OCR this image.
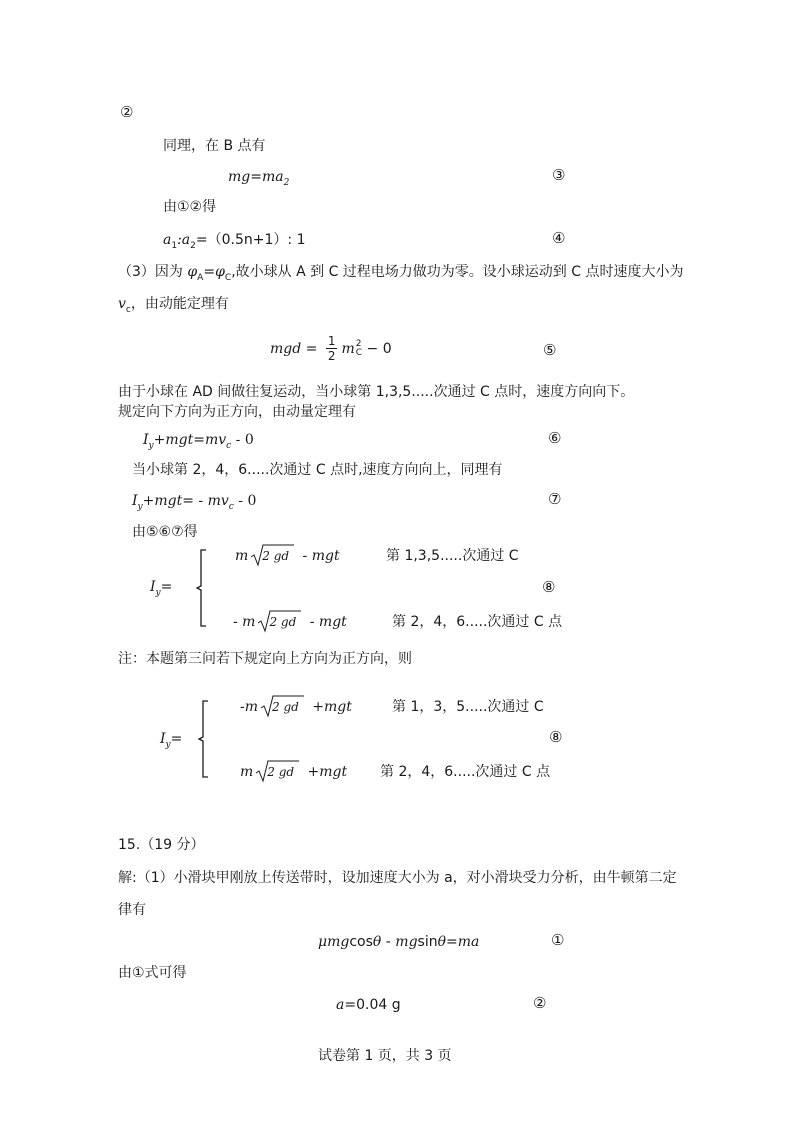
②
同理，在 B 点有
$mg=ma_2$	③
由①②得
$a_1:a_2=(0.5n+1)$: 1	④
（3）因为 $\varphi_A=\varphi_C$,故小球从 A 到 C 过程电场力做功为零。设小球运动到 C 点时速度大小为
$v_c$，由动能定理有
mgd = $\frac{1}{2}$ m 2
C − 0	⑤
由于小球在 AD 间做往复运动，当小球第 1,3,5.....次通过 C 点时，速度方向向下。
规定向下方向为正方向，由动量定理有
$I_y+mgt=mv_c - 0$	⑥
当小球第 2，4，6.....次通过 C 点时,速度方向向上，同理有
$I_y+mgt= - mv_c - 0$	⑦
由⑤⑥⑦得
$I_y=$
m 2 gd - mgt	第 1,3,5.....次通过 C
⑧
- m 2 gd - mgt	第 2，4，6.....次通过 C 点
注：本题第三问若下规定向上方向为正方向，则
$I_y=$
-m 2 gd +mgt	第 1，3，5.....次通过 C
⑧
m 2 gd +mgt 第 2，4，6.....次通过 C 点
15.（19 分）
解:（1）小滑块甲刚放上传送带时，设加速度大小为 a，对小滑块受力分析，由牛顿第二定
律有
μmgcosθ - mgsinθ=ma	①
由①式可得
a=0.04 g	②
试卷第 1 页，共 3 页
